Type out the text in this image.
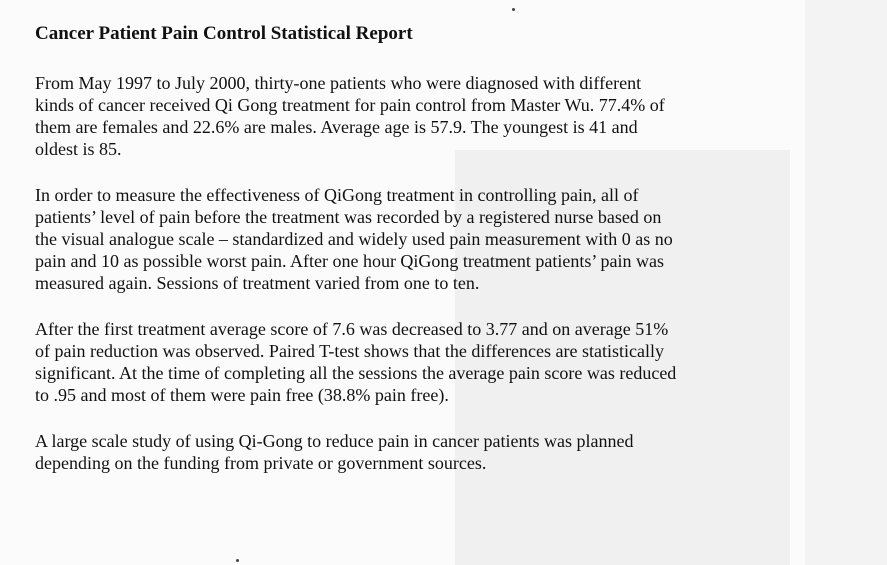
Cancer Patient Pain Control Statistical Report

From May 1997 to July 2000, thirty-one patients who were diagnosed with different
kinds of cancer received Qi Gong treatment for pain control from Master Wu. 77.4% of
them are females and 22.6% are males. Average age is 57.9. The youngest is 41 and
oldest is 85.

In order to measure the effectiveness of QiGong treatment in controlling pain, all of
patients’ level of pain before the treatment was recorded by a registered nurse based on
the visual analogue scale – standardized and widely used pain measurement with 0 as no
pain and 10 as possible worst pain. After one hour QiGong treatment patients’ pain was
measured again. Sessions of treatment varied from one to ten.

After the first treatment average score of 7.6 was decreased to 3.77 and on average 51%
of pain reduction was observed. Paired T-test shows that the differences are statistically
significant. At the time of completing all the sessions the average pain score was reduced
to .95 and most of them were pain free (38.8% pain free).

A large scale study of using Qi-Gong to reduce pain in cancer patients was planned
depending on the funding from private or government sources.
